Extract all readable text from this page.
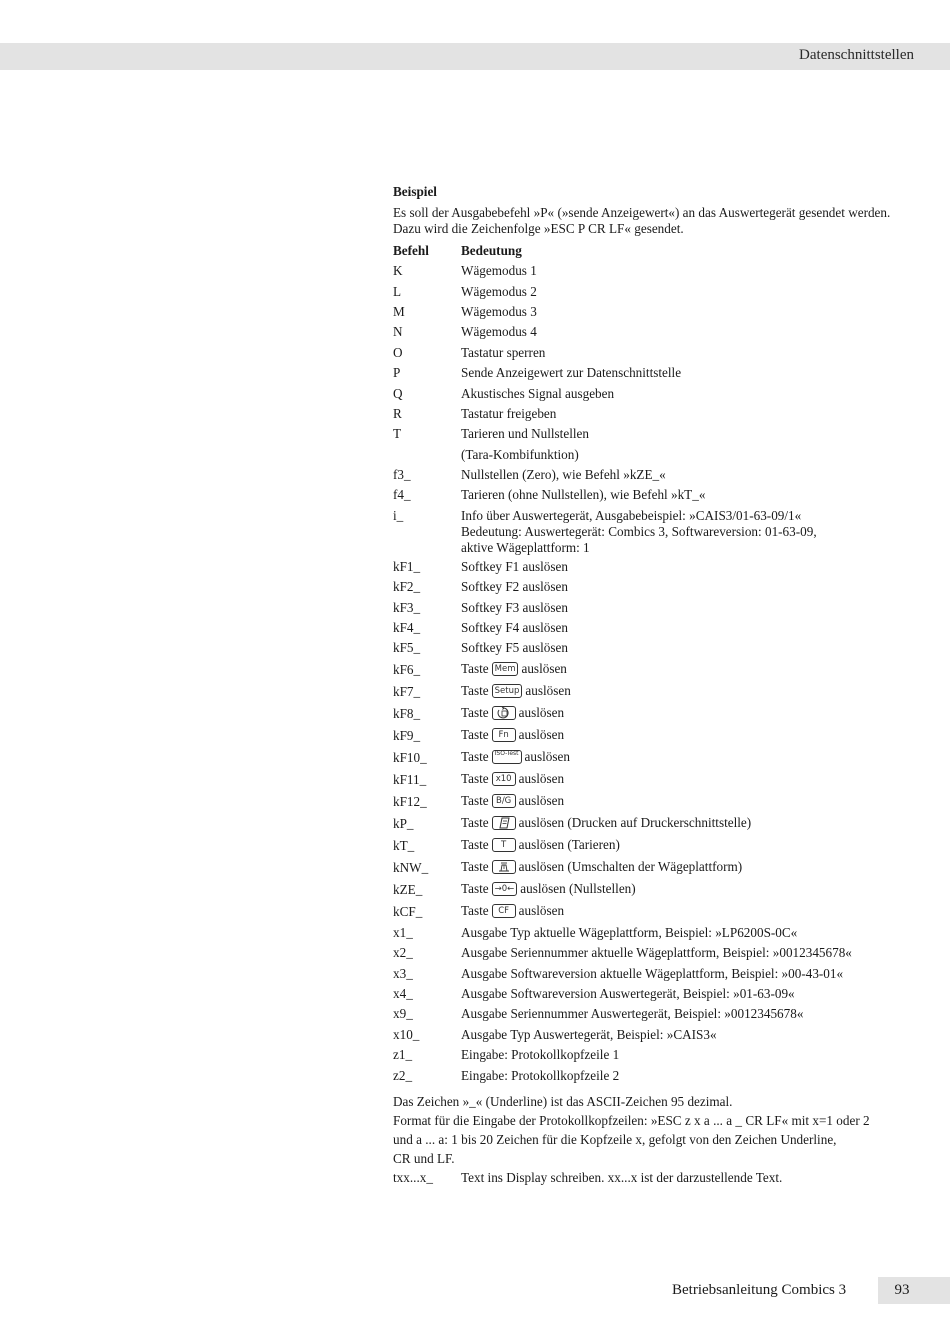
Datenschnittstellen
Beispiel

Es soll der Ausgabebefehl »P« (»sende Anzeigewert«) an das Auswertegerät gesendet werden. Dazu wird die Zeichenfolge »ESC P CR LF« gesendet.

Befehl	Bedeutung
K	Wägemodus 1
L	Wägemodus 2
M	Wägemodus 3
N	Wägemodus 4
O	Tastatur sperren
P	Sende Anzeigewert zur Datenschnittstelle
Q	Akustisches Signal ausgeben
R	Tastatur freigeben
T	Tarieren und Nullstellen
(Tara-Kombifunktion)
f3_	Nullstellen (Zero), wie Befehl »kZE_«
f4_	Tarieren (ohne Nullstellen), wie Befehl »kT_«
i_	Info über Auswertegerät, Ausgabebeispiel: »CAIS3/01-63-09/1«
Bedeutung: Auswertegerät: Combics 3, Softwareversion: 01-63-09,
aktive Wägeplattform: 1
kF1_	Softkey F1 auslösen
kF2_	Softkey F2 auslösen
kF3_	Softkey F3 auslösen
kF4_	Softkey F4 auslösen
kF5_	Softkey F5 auslösen
kF6_	Taste Mem auslösen
kF7_	Taste Setup auslösen
kF8_	Taste auslösen
kF9_	Taste Fn auslösen
kF10_	Taste ISO-Test auslösen
kF11_	Taste x10 auslösen
kF12_	Taste B/G auslösen
kP_	Taste auslösen (Drucken auf Druckerschnittstelle)
kT_	Taste T auslösen (Tarieren)
kNW_	Taste auslösen (Umschalten der Wägeplattform)
kZE_	Taste →0← auslösen (Nullstellen)
kCF_	Taste CF auslösen
x1_	Ausgabe Typ aktuelle Wägeplattform, Beispiel: »LP6200S-0C«
x2_	Ausgabe Seriennummer aktuelle Wägeplattform, Beispiel: »0012345678«
x3_	Ausgabe Softwareversion aktuelle Wägeplattform, Beispiel: »00-43-01«
x4_	Ausgabe Softwareversion Auswertegerät, Beispiel: »01-63-09«
x9_	Ausgabe Seriennummer Auswertegerät, Beispiel: »0012345678«
x10_	Ausgabe Typ Auswertegerät, Beispiel: »CAIS3«
z1_	Eingabe: Protokollkopfzeile 1
z2_	Eingabe: Protokollkopfzeile 2

Das Zeichen »_« (Underline) ist das ASCII-Zeichen 95 dezimal.

Format für die Eingabe der Protokollkopfzeilen: »ESC z x a ... a _ CR LF« mit x=1 oder 2

und a ... a: 1 bis 20 Zeichen für die Kopfzeile x, gefolgt von den Zeichen Underline,

CR und LF.

txx...x_	Text ins Display schreiben. xx...x ist der darzustellende Text.
Betriebsanleitung Combics 3	93
